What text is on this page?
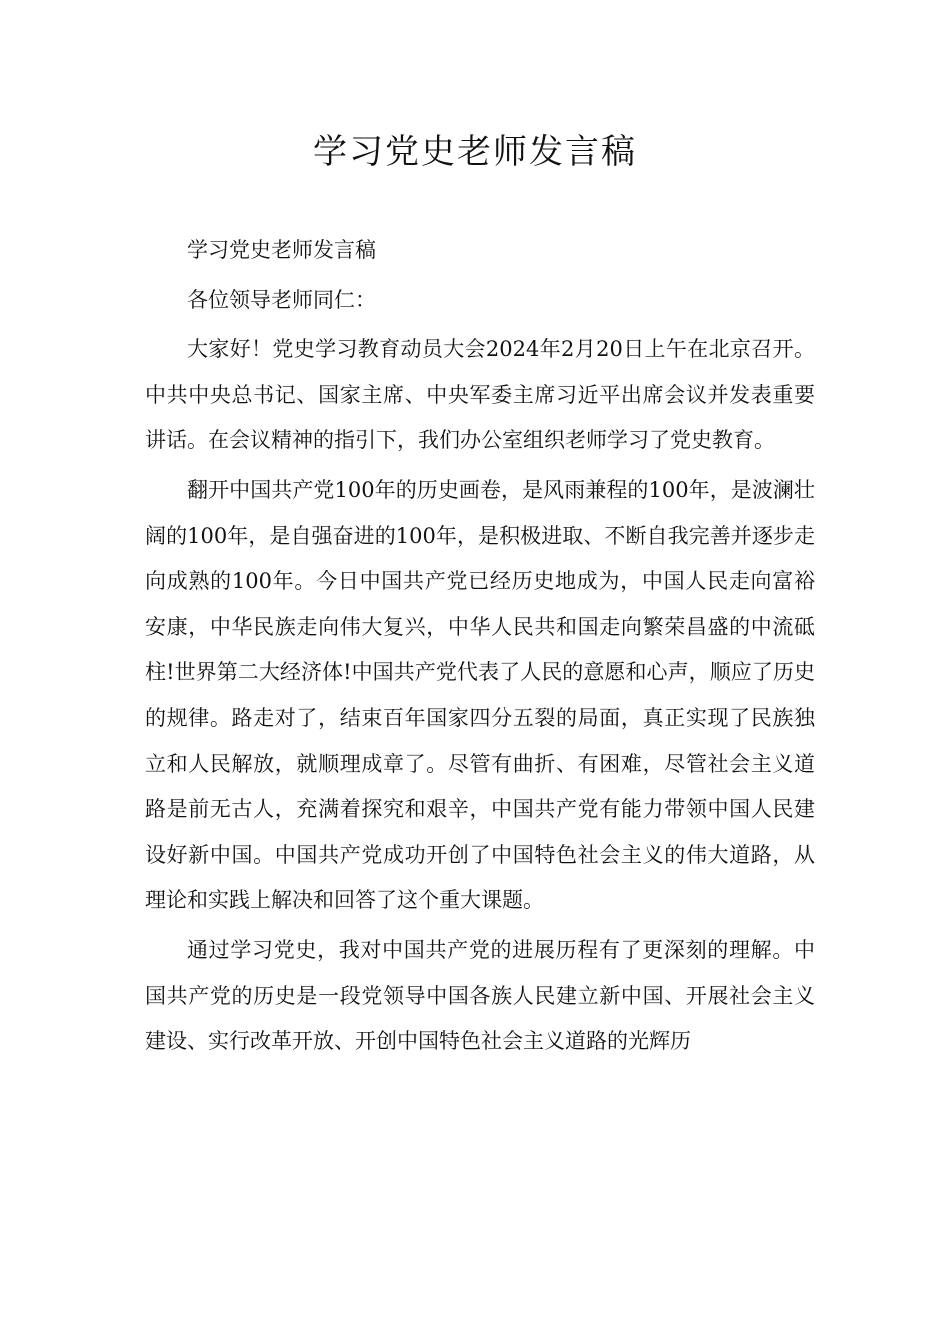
学习党史老师发言稿

学习党史老师发言稿

各位领导老师同仁：

大家好！党史学习教育动员大会2024年2月20日上午在北京召开。中共中央总书记、国家主席、中央军委主席习近平出席会议并发表重要讲话。在会议精神的指引下，我们办公室组织老师学习了党史教育。

翻开中国共产党100年的历史画卷，是风雨兼程的100年，是波澜壮阔的100年，是自强奋进的100年，是积极进取、不断自我完善并逐步走向成熟的100年。今日中国共产党已经历史地成为，中国人民走向富裕安康，中华民族走向伟大复兴，中华人民共和国走向繁荣昌盛的中流砥柱!世界第二大经济体!中国共产党代表了人民的意愿和心声，顺应了历史的规律。路走对了，结束百年国家四分五裂的局面，真正实现了民族独立和人民解放，就顺理成章了。尽管有曲折、有困难，尽管社会主义道路是前无古人，充满着探究和艰辛，中国共产党有能力带领中国人民建设好新中国。中国共产党成功开创了中国特色社会主义的伟大道路，从理论和实践上解决和回答了这个重大课题。

通过学习党史，我对中国共产党的进展历程有了更深刻的理解。中国共产党的历史是一段党领导中国各族人民建立新中国、开展社会主义建设、实行改革开放、开创中国特色社会主义道路的光辉历
